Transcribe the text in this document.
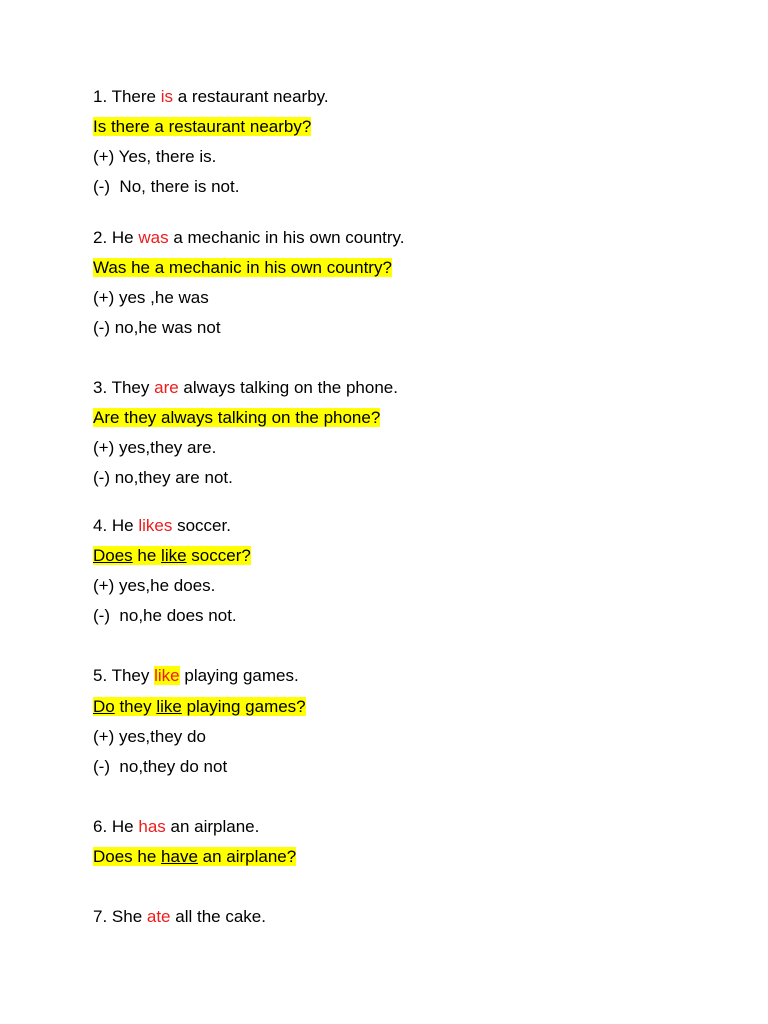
1. There is a restaurant nearby.
Is there a restaurant nearby?
(+) Yes, there is.
(-)  No, there is not.
2. He was a mechanic in his own country.
Was he a mechanic in his own country?
(+) yes ,he was
(-) no,he was not
3. They are always talking on the phone.
Are they always talking on the phone?
(+) yes,they are.
(-) no,they are not.
4. He likes soccer.
Does he like soccer?
(+) yes,he does.
(-)  no,he does not.
5. They like playing games.
Do they like playing games?
(+) yes,they do
(-)  no,they do not
6. He has an airplane.
Does he have an airplane?
7. She ate all the cake.
